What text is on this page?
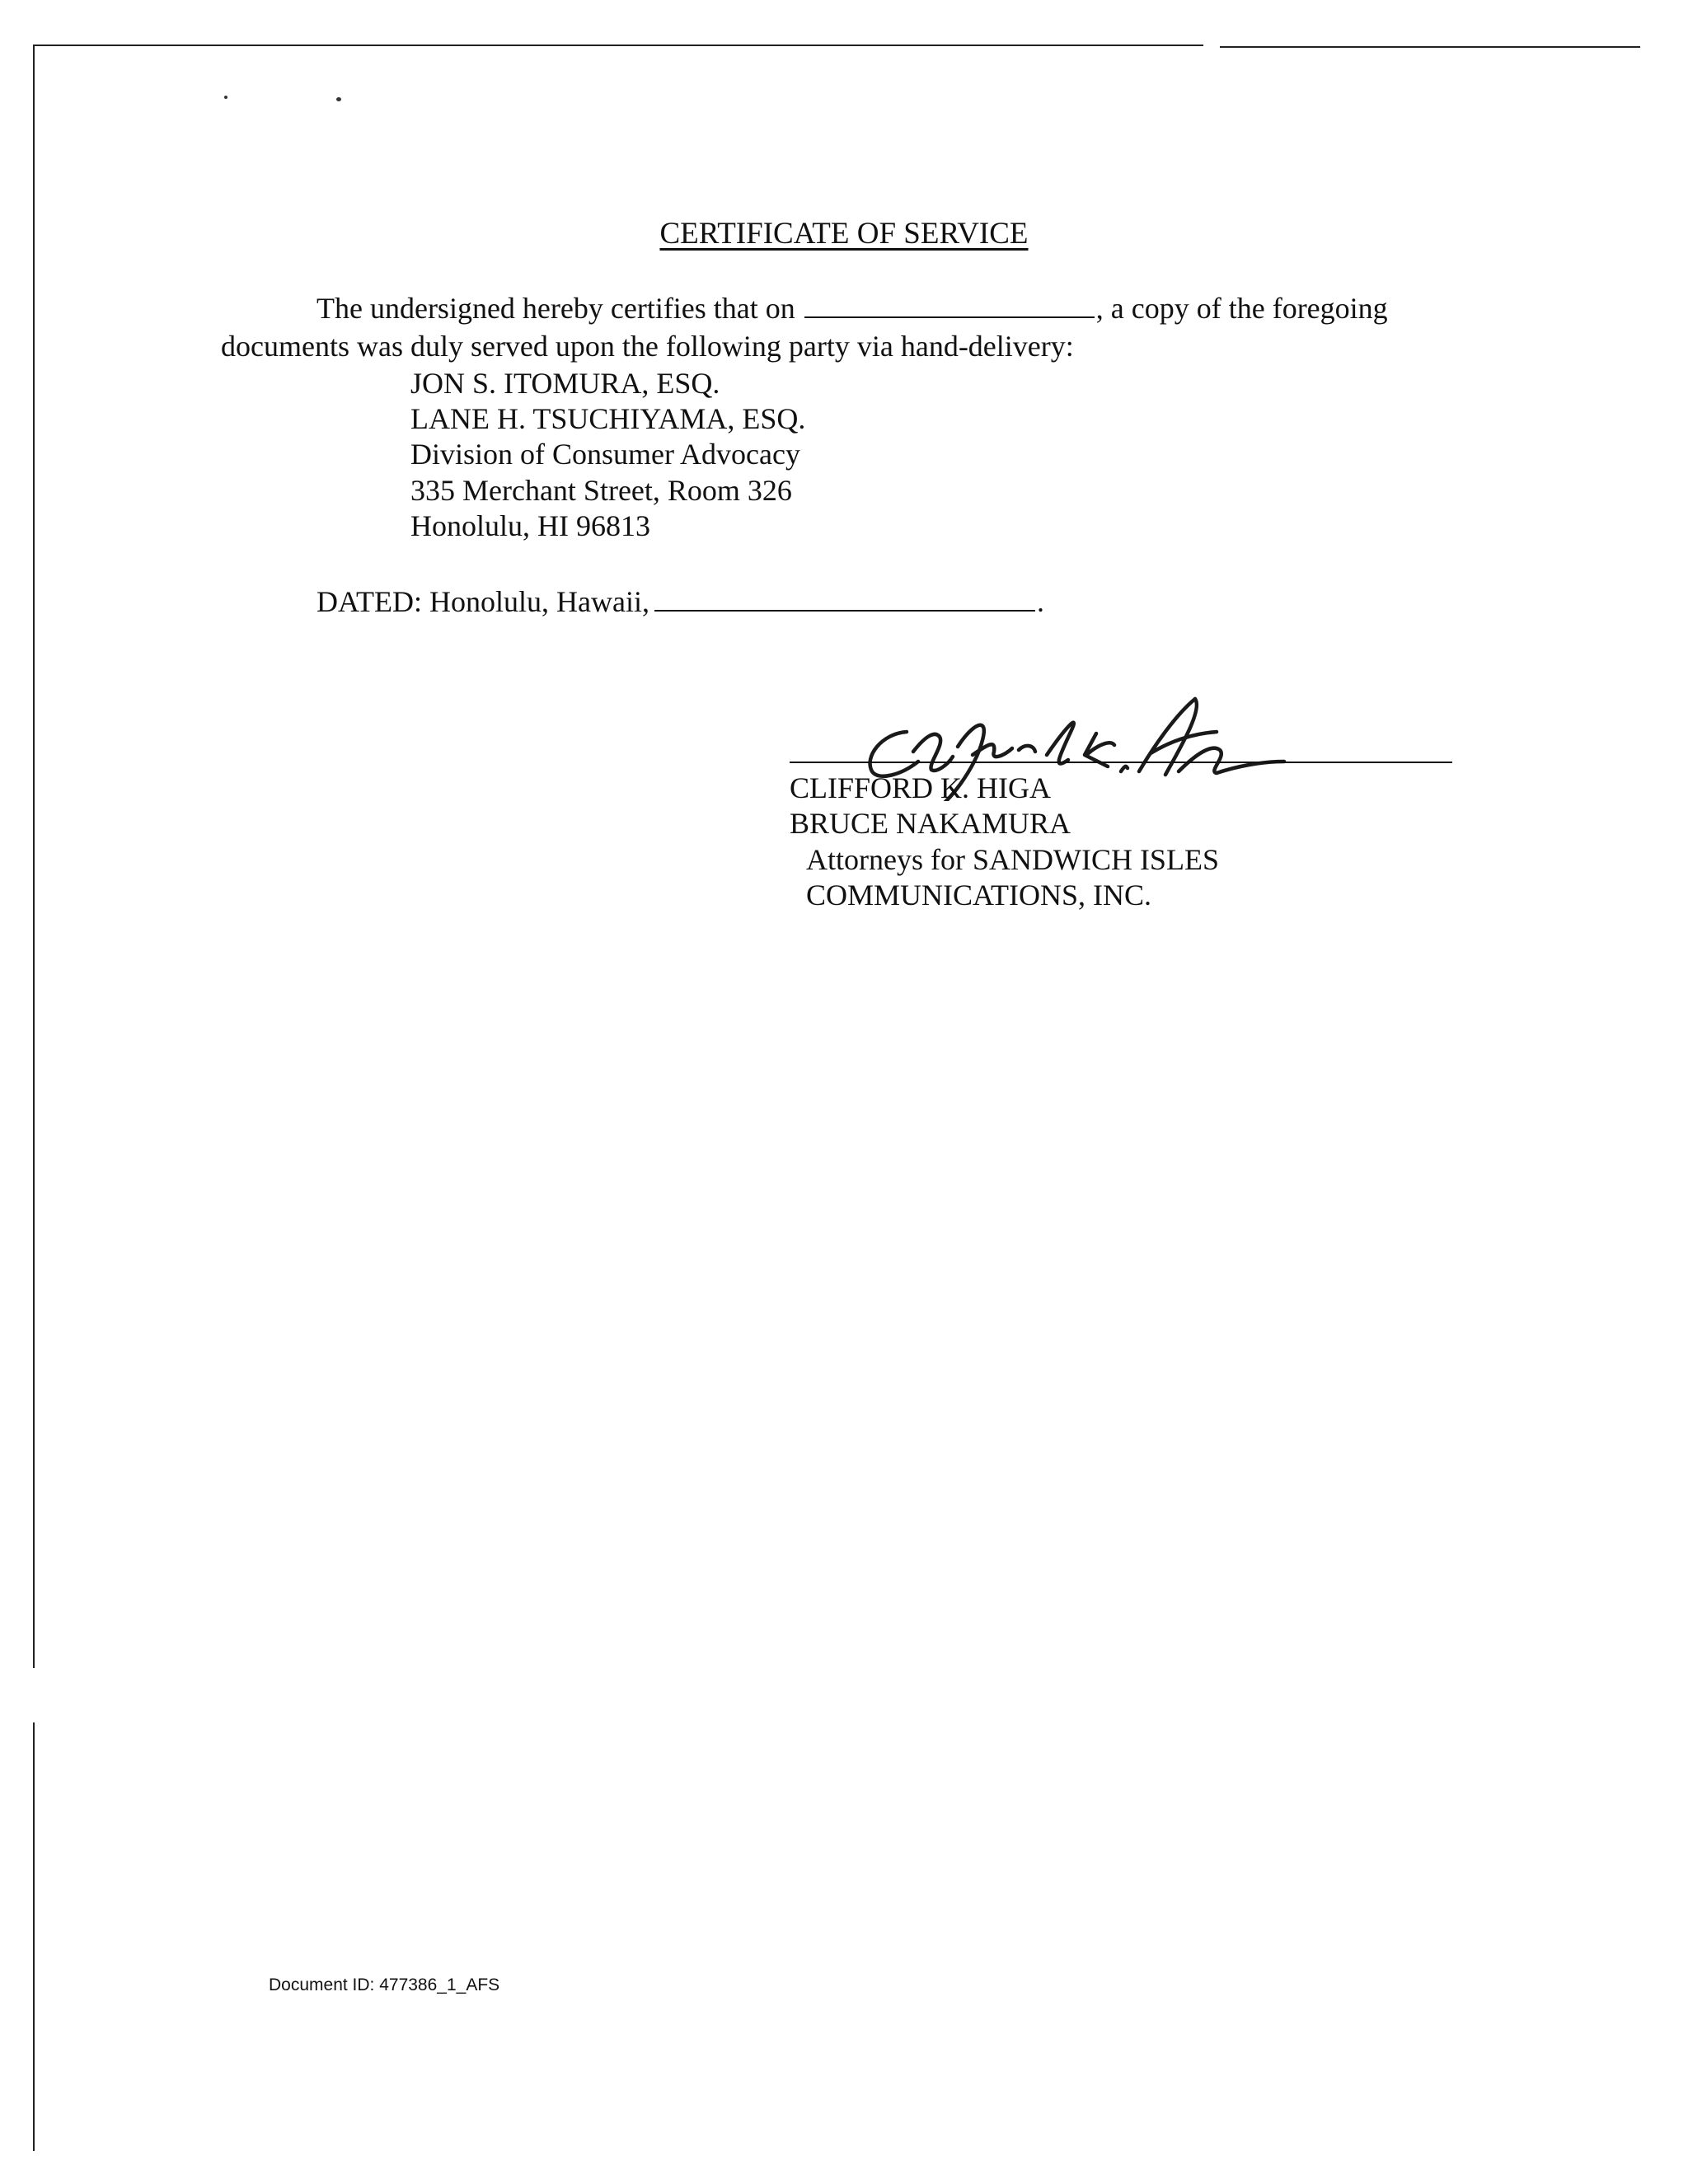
CERTIFICATE OF SERVICE
The undersigned hereby certifies that on	, a copy of the foregoing
documents was duly served upon the following party via hand-delivery:
JON S. ITOMURA, ESQ.
LANE H. TSUCHIYAMA, ESQ.
Division of Consumer Advocacy
335 Merchant Street, Room 326
Honolulu, HI 96813
DATED: Honolulu, Hawaii,	.
CLIFFORD K. HIGA
BRUCE NAKAMURA
Attorneys for SANDWICH ISLES
COMMUNICATIONS, INC.
Document ID: 477386_1_AFS
